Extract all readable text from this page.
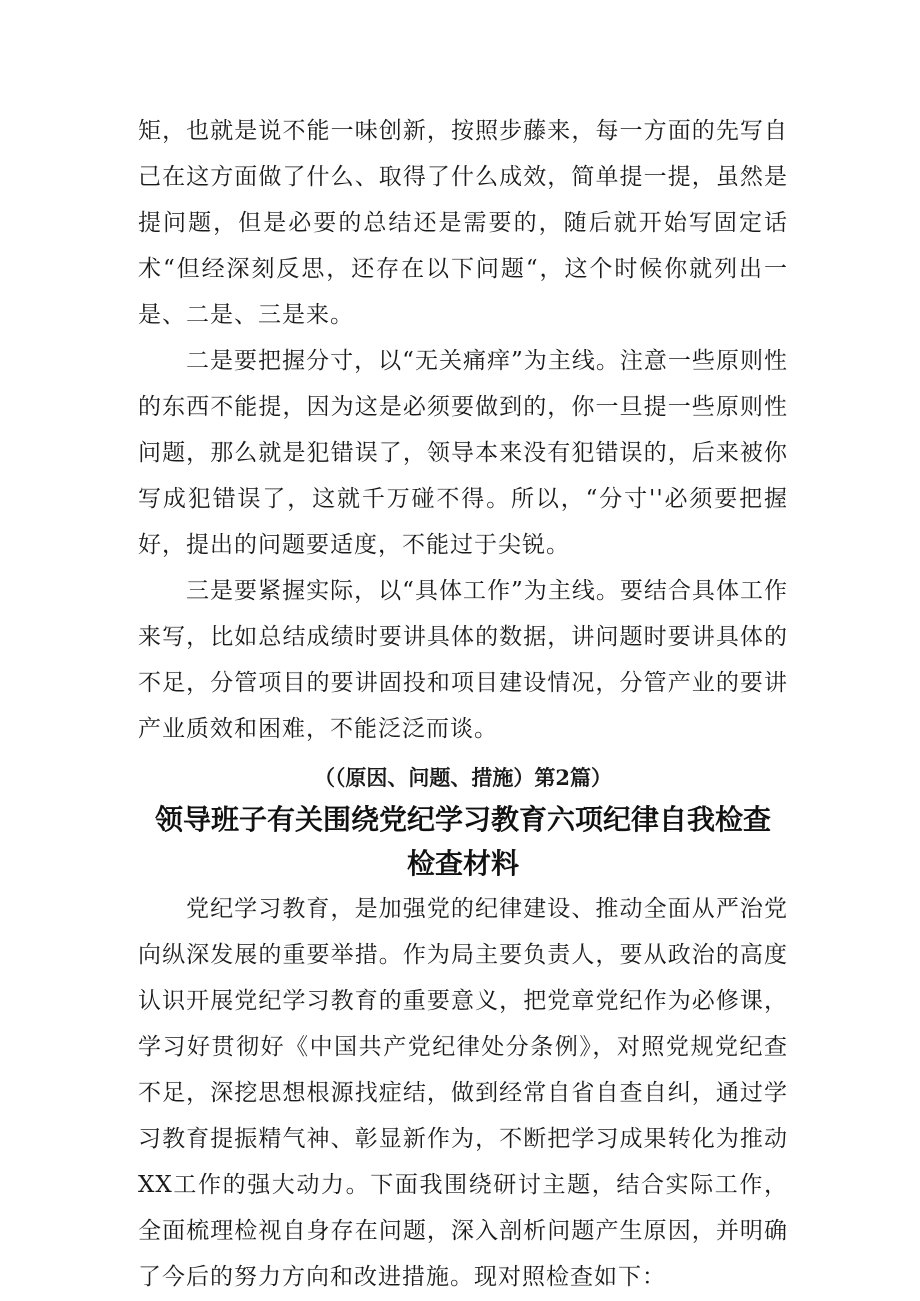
矩，也就是说不能一味创新，按照步藤来，每一方面的先写自己在这方面做了什么、取得了什么成效，简单提一提，虽然是提问题，但是必要的总结还是需要的，随后就开始写固定话术“但经深刻反思，还存在以下问题“，这个时候你就列出一是、二是、三是来。

二是要把握分寸，以“无关痛痒”为主线。注意一些原则性的东西不能提，因为这是必须要做到的，你一旦提一些原则性问题，那么就是犯错误了，领导本来没有犯错误的，后来被你写成犯错误了，这就千万碰不得。所以，“分寸''必须要把握好，提出的问题要适度，不能过于尖锐。

三是要紧握实际，以“具体工作”为主线。要结合具体工作来写，比如总结成绩时要讲具体的数据，讲问题时要讲具体的不足，分管项目的要讲固投和项目建设情况，分管产业的要讲产业质效和困难，不能泛泛而谈。

（（原因、问题、措施）第2篇）

领导班子有关围绕党纪学习教育六项纪律自我检查检查材料

党纪学习教育，是加强党的纪律建设、推动全面从严治党向纵深发展的重要举措。作为局主要负责人，要从政治的高度认识开展党纪学习教育的重要意义，把党章党纪作为必修课，学习好贯彻好《中国共产党纪律处分条例》，对照党规党纪查不足，深挖思想根源找症结，做到经常自省自查自纠，通过学习教育提振精气神、彰显新作为，不断把学习成果转化为推动XX工作的强大动力。下面我围绕研讨主题，结合实际工作，全面梳理检视自身存在问题，深入剖析问题产生原因，并明确了今后的努力方向和改进措施。现对照检查如下：
